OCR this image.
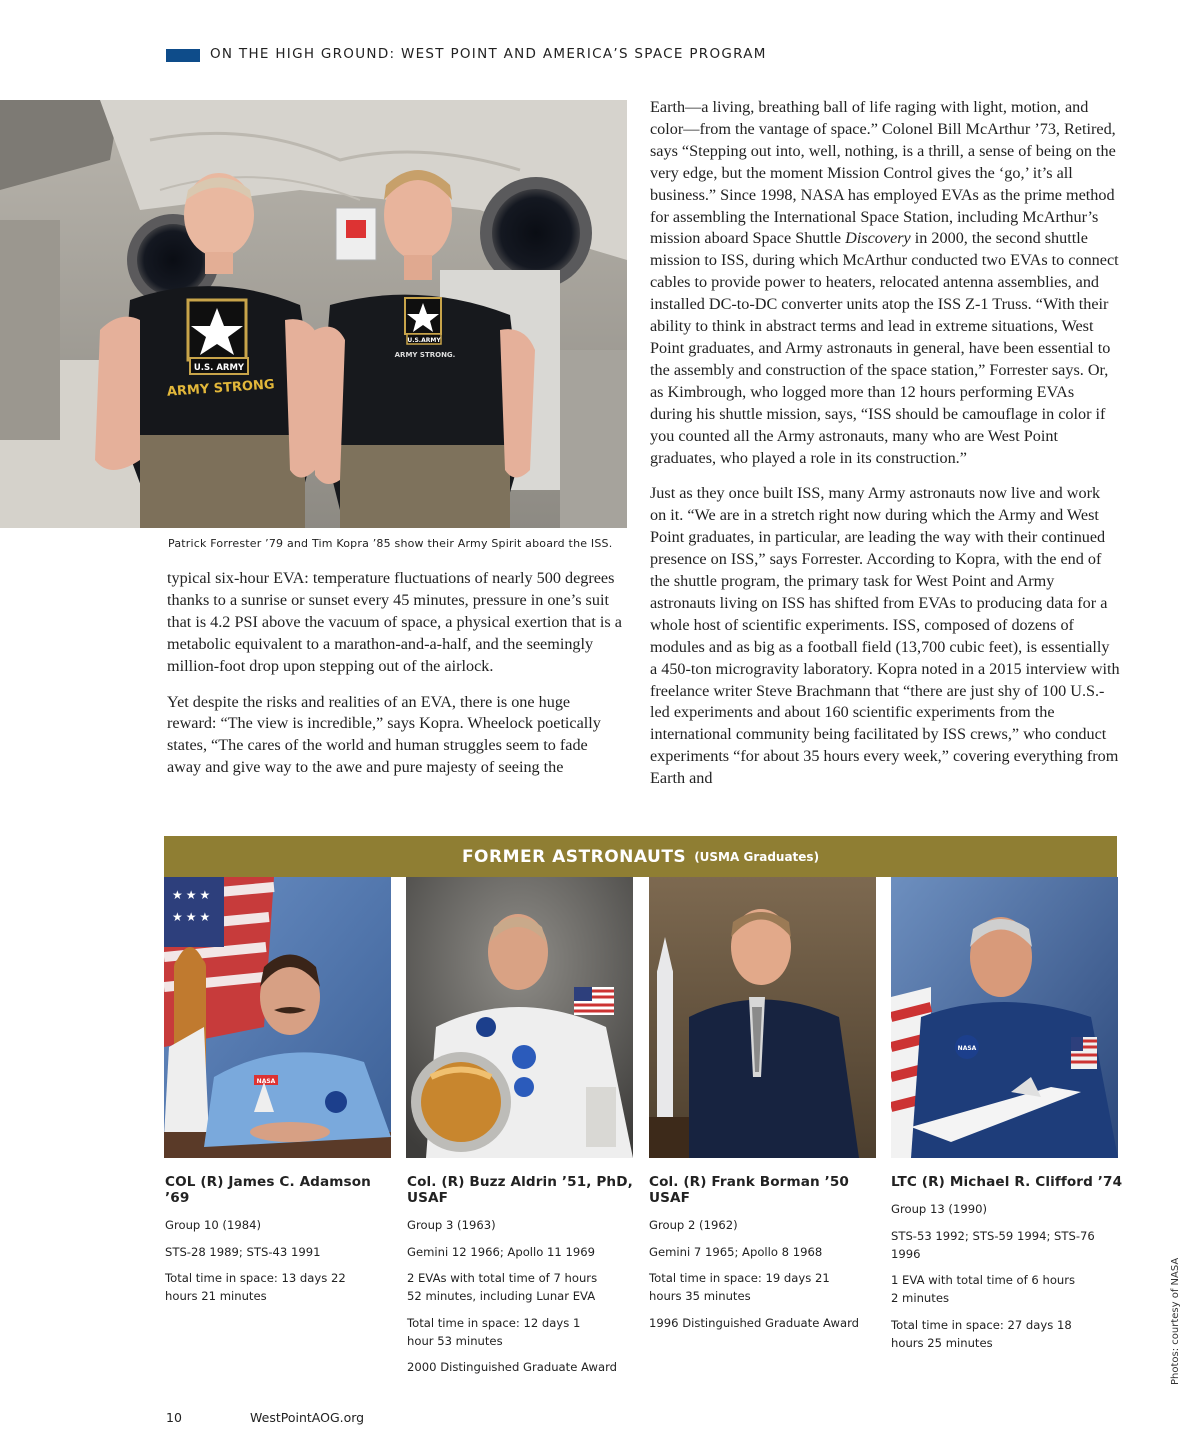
ON THE HIGH GROUND: WEST POINT AND AMERICA’S SPACE PROGRAM
U.S. ARMY
ARMY STRONG
U.S.ARMY
ARMY STRONG.
Patrick Forrester ’79 and Tim Kopra ’85 show their Army Spirit aboard the ISS.

typical six-hour EVA: temperature fluctuations of nearly 500 degrees thanks to a sunrise or sunset every 45 minutes, pressure in one’s suit that is 4.2 PSI above the vacuum of space, a physical exertion that is a metabolic equivalent to a marathon-and-a-half, and the seemingly million-foot drop upon stepping out of the airlock.

Yet despite the risks and realities of an EVA, there is one huge reward: “The view is incredible,” says Kopra. Wheelock poetically states, “The cares of the world and human struggles seem to fade away and give way to the awe and pure majesty of seeing the

Earth—a living, breathing ball of life raging with light, motion, and color—from the vantage of space.” Colonel Bill McArthur ’73, Retired, says “Stepping out into, well, nothing, is a thrill, a sense of being on the very edge, but the moment Mission Control gives the ‘go,’ it’s all business.” Since 1998, NASA has employed EVAs as the prime method for assembling the International Space Station, including McArthur’s mission aboard Space Shuttle Discovery in 2000, the second shuttle mission to ISS, during which McArthur conducted two EVAs to connect cables to provide power to heaters, relocated antenna assemblies, and installed DC-to-DC converter units atop the ISS Z-1 Truss. “With their ability to think in abstract terms and lead in extreme situations, West Point graduates, and Army astronauts in general, have been essential to the assembly and construction of the space station,” Forrester says. Or, as Kimbrough, who logged more than 12 hours performing EVAs during his shuttle mission, says, “ISS should be camouflage in color if you counted all the Army astronauts, many who are West Point graduates, who played a role in its construction.”

Just as they once built ISS, many Army astronauts now live and work on it. “We are in a stretch right now during which the Army and West Point graduates, in particular, are leading the way with their continued presence on ISS,” says Forrester. According to Kopra, with the end of the shuttle program, the primary task for West Point and Army astronauts living on ISS has shifted from EVAs to producing data for a whole host of scientific experiments. ISS, composed of dozens of modules and as big as a football field (13,700 cubic feet), is essentially a 450-ton microgravity laboratory. Kopra noted in a 2015 interview with freelance writer Steve Brachmann that “there are just shy of 100 U.S.-led experiments and about 160 scientific experiments from the international community being facilitated by ISS crews,” who conduct experiments “for about 35 hours every week,” covering everything from Earth and

FORMER ASTRONAUTS (USMA Graduates)
★ ★ ★
★ ★ ★
NASA
NASA
COL (R) James C. Adamson ’69
Group 10 (1984)
STS-28 1989; STS-43 1991
Total time in space: 13 days 22 hours 21 minutes
Col. (R) Buzz Aldrin ’51, PhD, USAF
Group 3 (1963)
Gemini 12 1966; Apollo 11 1969
2 EVAs with total time of 7 hours 52 minutes, including Lunar EVA
Total time in space: 12 days 1 hour 53 minutes
2000 Distinguished Graduate Award
Col. (R) Frank Borman ’50 USAF
Group 2 (1962)
Gemini 7 1965; Apollo 8 1968
Total time in space: 19 days 21 hours 35 minutes
1996 Distinguished Graduate Award
LTC (R) Michael R. Clifford ’74
Group 13 (1990)
STS-53 1992; STS-59 1994; STS-76 1996
1 EVA with total time of 6 hours 2 minutes
Total time in space: 27 days 18 hours 25 minutes
10	WestPointAOG.org
Photos: courtesy of NASA
